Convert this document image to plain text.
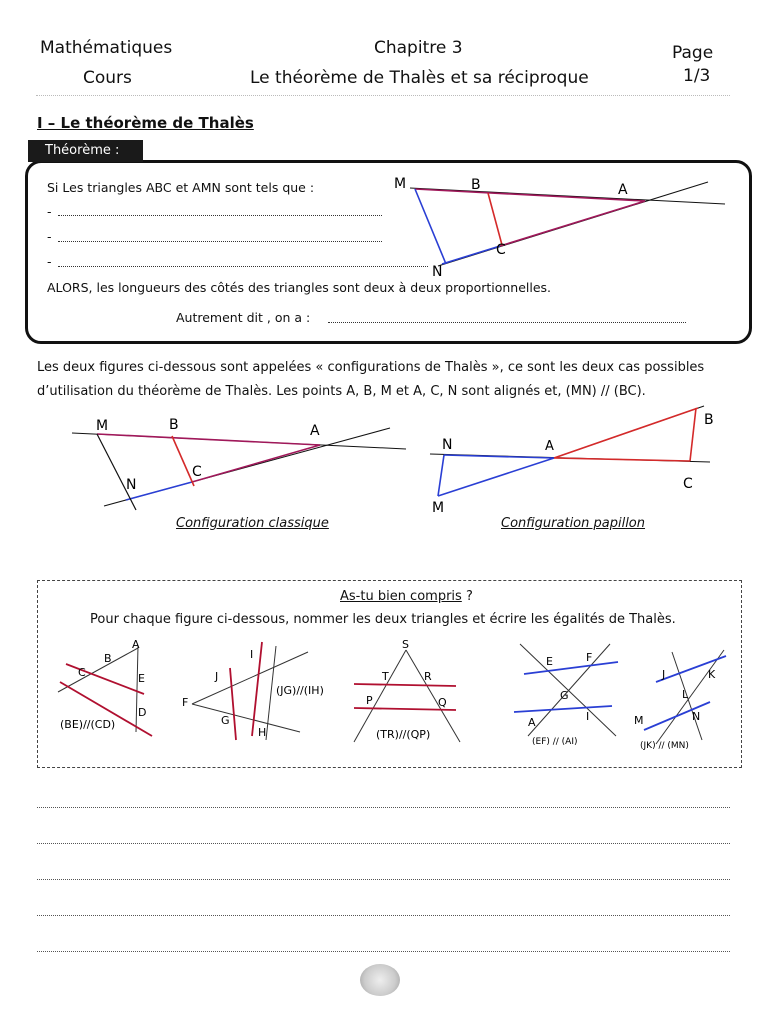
Mathématiques
Cours
Chapitre 3
Le théorème de Thalès et sa réciproque
Page
1/3
I – Le théorème de Thalès
Théorème :
Si Les triangles ABC et AMN sont tels que :
-
-
-
ALORS, les longueurs des côtés des triangles sont deux à deux proportionnelles.
Autrement dit , on a :
M	B	A
C
N
Les deux figures ci-dessous sont appelées « configurations de Thalès », ce sont les deux cas possibles
d’utilisation du théorème de Thalès. Les points A, B, M et A, C, N sont alignés et, (MN) // (BC).
M	B	A
C
N
Configuration classique
N	A
B
C
M
Configuration papillon
As-tu bien compris ?
Pour chaque figure ci-dessous, nommer les deux triangles et écrire les égalités de Thalès.
A
B
C	E
D
(BE)//(CD)
I
J
F
G
H
(JG)//(IH)
S
T	R
P	Q
(TR)//(QP)
E	F
G
A	I
(EF) // (AI)
J	K
L
M	N
(JK) // (MN)
